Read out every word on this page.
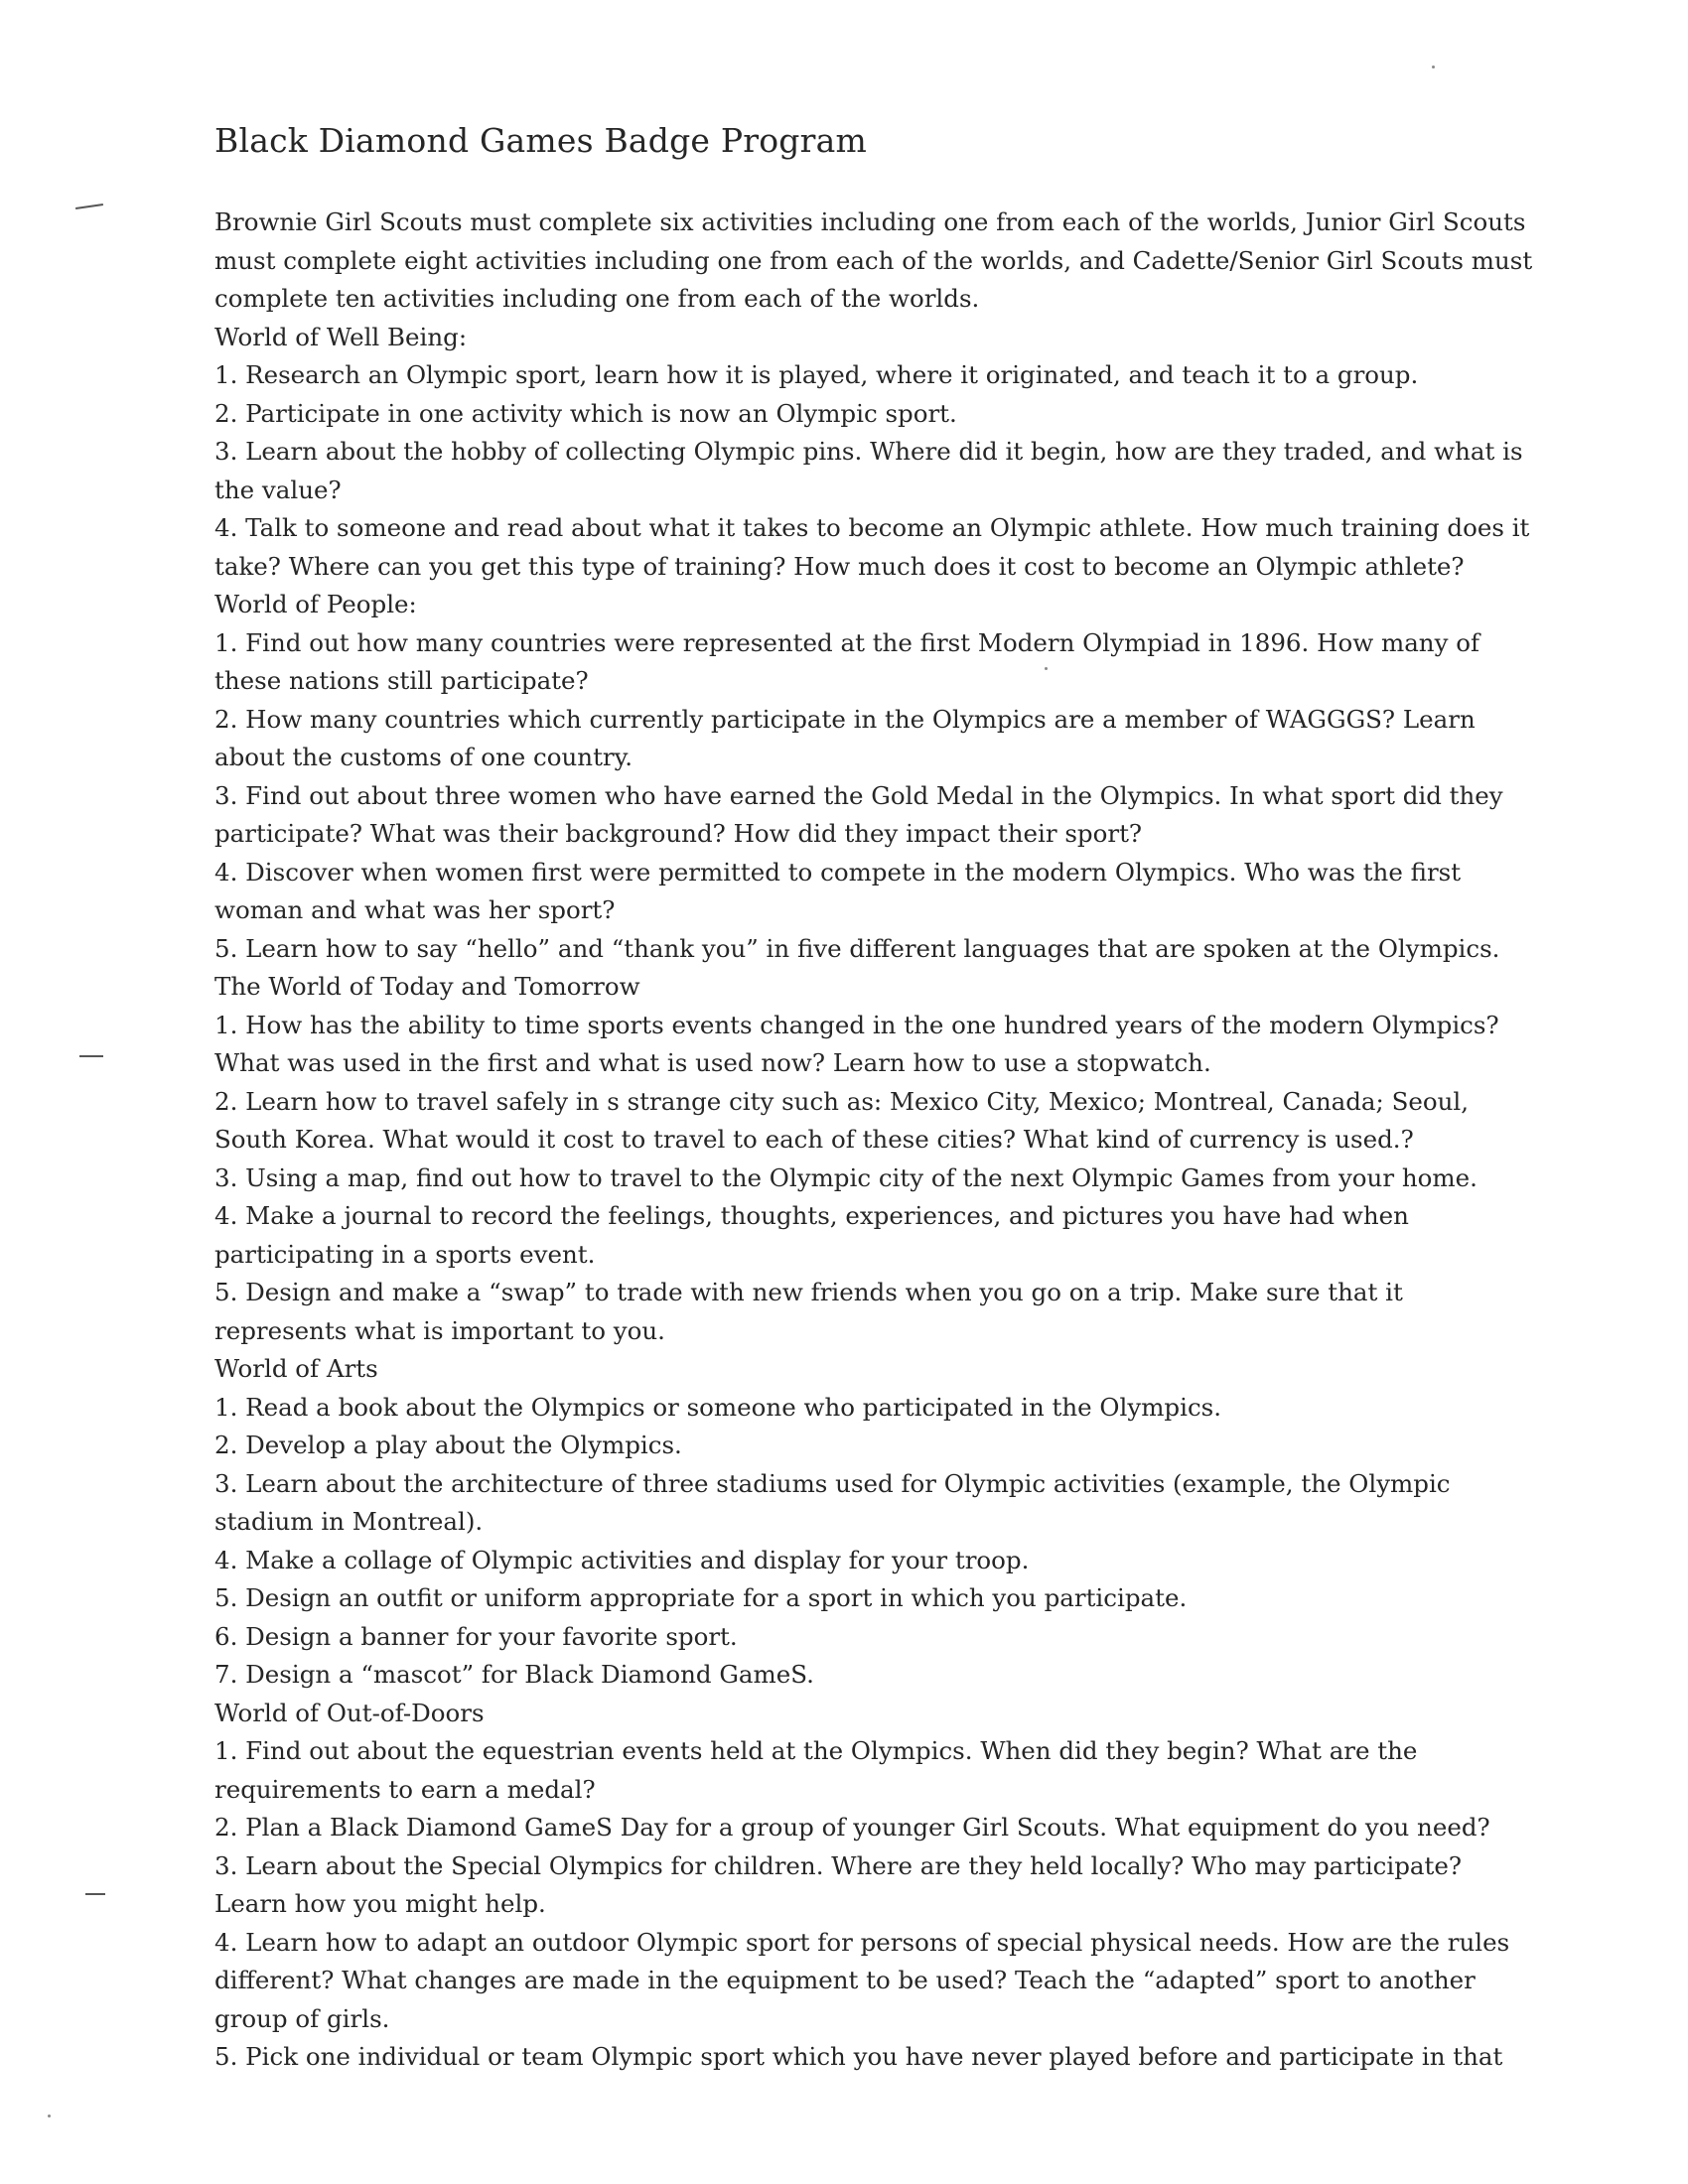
Black Diamond Games Badge Program

Brownie Girl Scouts must complete six activities including one from each of the worlds, Junior Girl Scouts must complete eight activities including one from each of the worlds, and Cadette/Senior Girl Scouts must complete ten activities including one from each of the worlds.

World of Well Being:

1. Research an Olympic sport, learn how it is played, where it originated, and teach it to a group.

2. Participate in one activity which is now an Olympic sport.

3. Learn about the hobby of collecting Olympic pins. Where did it begin, how are they traded, and what is the value?

4. Talk to someone and read about what it takes to become an Olympic athlete. How much training does it take? Where can you get this type of training? How much does it cost to become an Olympic athlete?

World of People:

1. Find out how many countries were represented at the first Modern Olympiad in 1896. How many of these nations still participate?

2. How many countries which currently participate in the Olympics are a member of WAGGGS? Learn about the customs of one country.

3. Find out about three women who have earned the Gold Medal in the Olympics. In what sport did they participate? What was their background? How did they impact their sport?

4. Discover when women first were permitted to compete in the modern Olympics. Who was the first woman and what was her sport?

5. Learn how to say “hello” and “thank you” in five different languages that are spoken at the Olympics.

The World of Today and Tomorrow

1. How has the ability to time sports events changed in the one hundred years of the modern Olympics? What was used in the first and what is used now? Learn how to use a stopwatch.

2. Learn how to travel safely in s strange city such as: Mexico City, Mexico; Montreal, Canada; Seoul, South Korea. What would it cost to travel to each of these cities? What kind of currency is used.?

3. Using a map, find out how to travel to the Olympic city of the next Olympic Games from your home.

4. Make a journal to record the feelings, thoughts, experiences, and pictures you have had when participating in a sports event.

5. Design and make a “swap” to trade with new friends when you go on a trip. Make sure that it represents what is important to you.

World of Arts

1. Read a book about the Olympics or someone who participated in the Olympics.

2. Develop a play about the Olympics.

3. Learn about the architecture of three stadiums used for Olympic activities (example, the Olympic stadium in Montreal).

4. Make a collage of Olympic activities and display for your troop.

5. Design an outfit or uniform appropriate for a sport in which you participate.

6. Design a banner for your favorite sport.

7. Design a “mascot” for Black Diamond GameS.

World of Out-of-Doors

1. Find out about the equestrian events held at the Olympics. When did they begin? What are the requirements to earn a medal?

2. Plan a Black Diamond GameS Day for a group of younger Girl Scouts. What equipment do you need?

3. Learn about the Special Olympics for children. Where are they held locally? Who may participate? Learn how you might help.

4. Learn how to adapt an outdoor Olympic sport for persons of special physical needs. How are the rules different? What changes are made in the equipment to be used? Teach the “adapted” sport to another group of girls.

5. Pick one individual or team Olympic sport which you have never played before and participate in that
